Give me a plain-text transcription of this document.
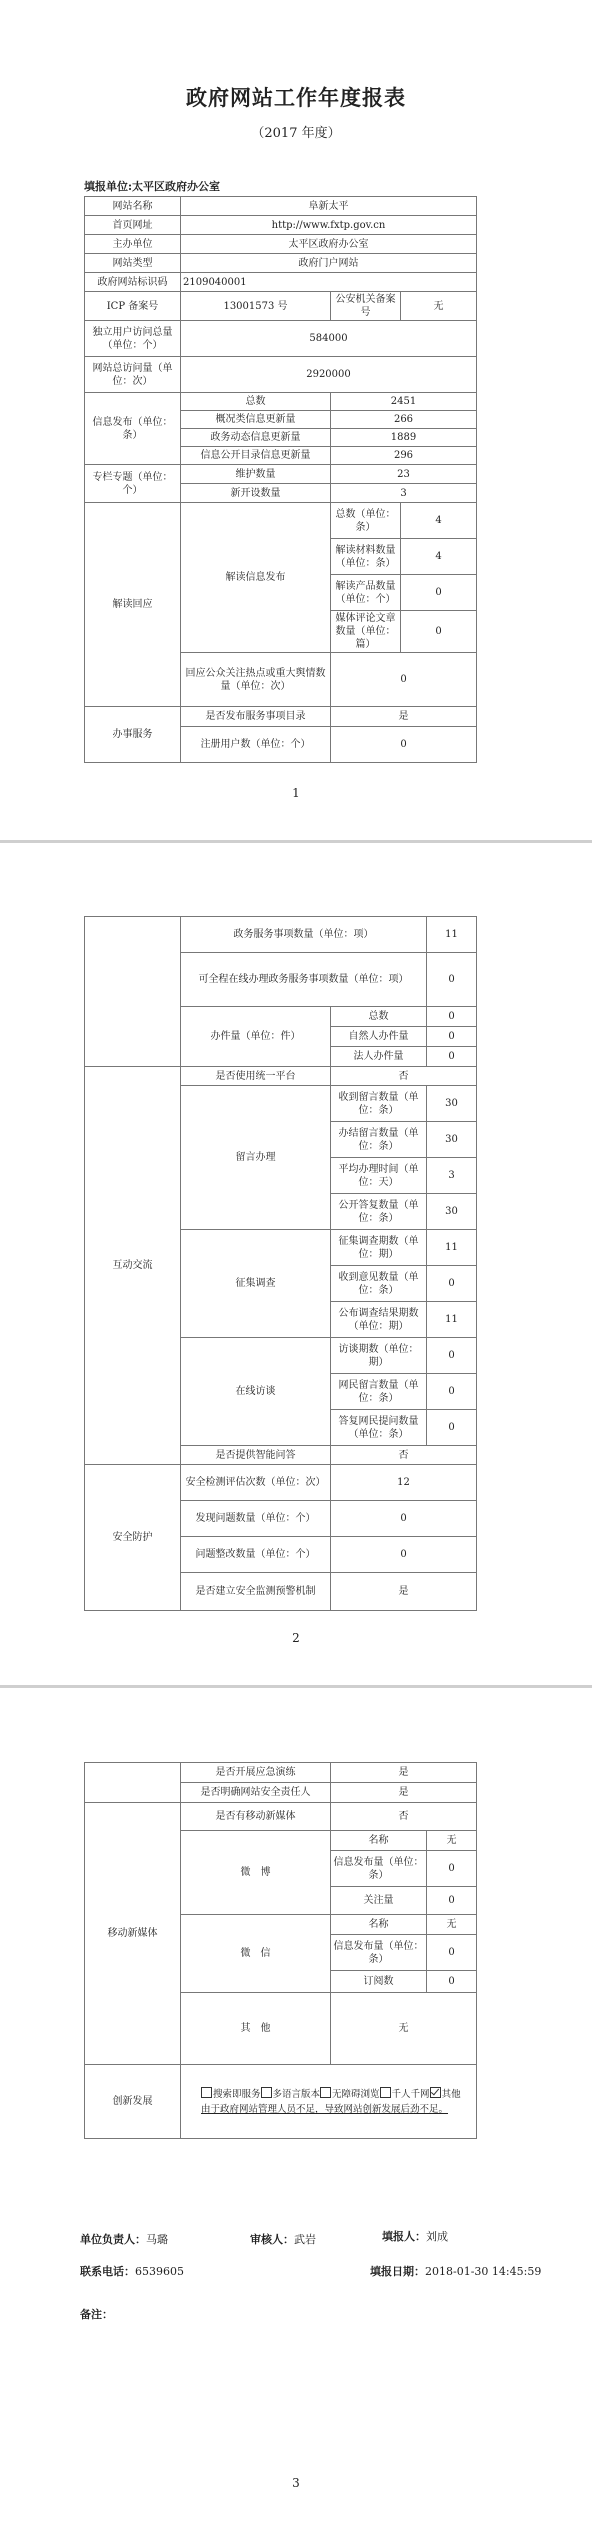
政府网站工作年度报表
（2017 年度）
填报单位:太平区政府办公室
网站名称	阜新太平		
首页网址	http://www.fxtp.gov.cn		
主办单位	太平区政府办公室		
网站类型	政府门户网站		
政府网站标识码	2109040001		
ICP 备案号	13001573 号	公安机关备案号	无
独立用户访问总量（单位：个）	584000		
网站总访问量（单位：次）	2920000		
信息发布（单位：条）	总数	2451	
	概况类信息更新量	266	
	政务动态信息更新量	1889	
	信息公开目录信息更新量	296	
专栏专题（单位：个）	维护数量	23	
	新开设数量	3	
解读回应	解读信息发布	总数（单位：条）	4
		解读材料数量（单位：条）	4
		解读产品数量（单位：个）	0
		媒体评论文章数量（单位：篇）	0
	回应公众关注热点或重大舆情数量（单位：次）	0	
办事服务	是否发布服务事项目录	是	
	注册用户数（单位：个）	0	
1
	政务服务事项数量（单位：项）		11
	可全程在线办理政务服务事项数量（单位：项）		0
	办件量（单位：件）	总数	0
		自然人办件量	0
		法人办件量	0
互动交流	是否使用统一平台	否	
	留言办理	收到留言数量（单位：条）	30
		办结留言数量（单位：条）	30
		平均办理时间（单位：天）	3
		公开答复数量（单位：条）	30
	征集调查	征集调查期数（单位：期）	11
		收到意见数量（单位：条）	0
		公布调查结果期数（单位：期）	11
	在线访谈	访谈期数（单位：期）	0
		网民留言数量（单位：条）	0
		答复网民提问数量（单位：条）	0
	是否提供智能问答	否	
安全防护	安全检测评估次数（单位：次）	12	
	发现问题数量（单位：个）	0	
	问题整改数量（单位：个）	0	
	是否建立安全监测预警机制	是	
2
	是否开展应急演练	是	
	是否明确网站安全责任人	是	
移动新媒体	是否有移动新媒体	否	
	微　博	名称	无
		信息发布量（单位：条）	0
		关注量	0
	微　信	名称	无
		信息发布量（单位：条）	0
		订阅数	0
	其　他	无	
创新发展	搜索即服务 多语言版本 无障碍浏览 千人千网 其他
由于政府网站管理人员不足，导致网站创新发展后劲不足。		
单位负责人：马璐	审核人：武岩	填报人：刘成
联系电话：6539605	填报日期：2018-01-30 14:45:59
备注：
3
